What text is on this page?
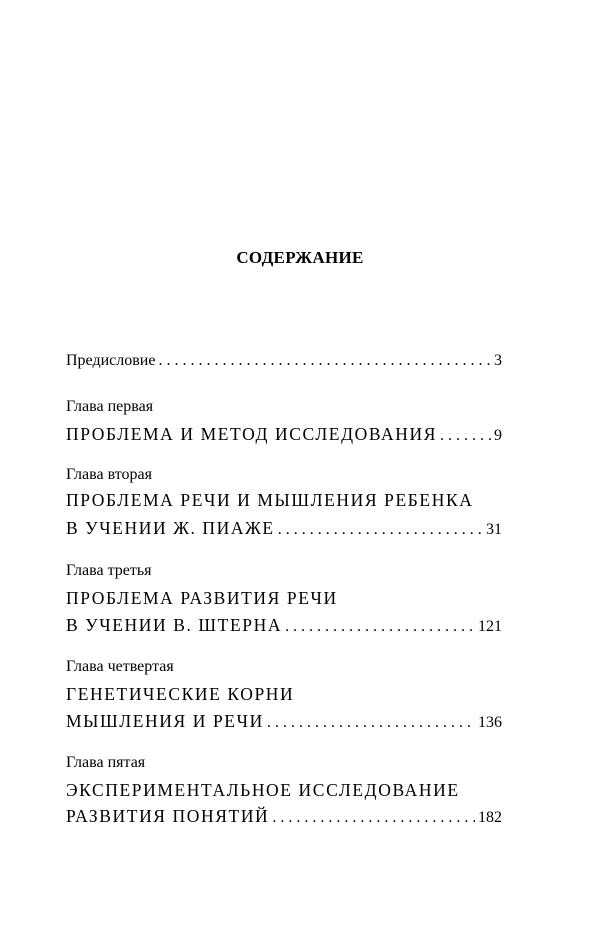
СОДЕРЖАНИЕ
Предисловие . . .	3
Глава первая
ПРОБЛЕМА И МЕТОД ИССЛЕДОВАНИЯ . . .	9
Глава вторая
ПРОБЛЕМА РЕЧИ И МЫШЛЕНИЯ РЕБЕНКА
В УЧЕНИИ Ж. ПИАЖЕ . . .	31
Глава третья
ПРОБЛЕМА РАЗВИТИЯ РЕЧИ
В УЧЕНИИ В. ШТЕРНА . . .	121
Глава четвертая
ГЕНЕТИЧЕСКИЕ КОРНИ
МЫШЛЕНИЯ И РЕЧИ . . .	136
Глава пятая
ЭКСПЕРИМЕНТАЛЬНОЕ ИССЛЕДОВАНИЕ
РАЗВИТИЯ ПОНЯТИЙ . . .	182
